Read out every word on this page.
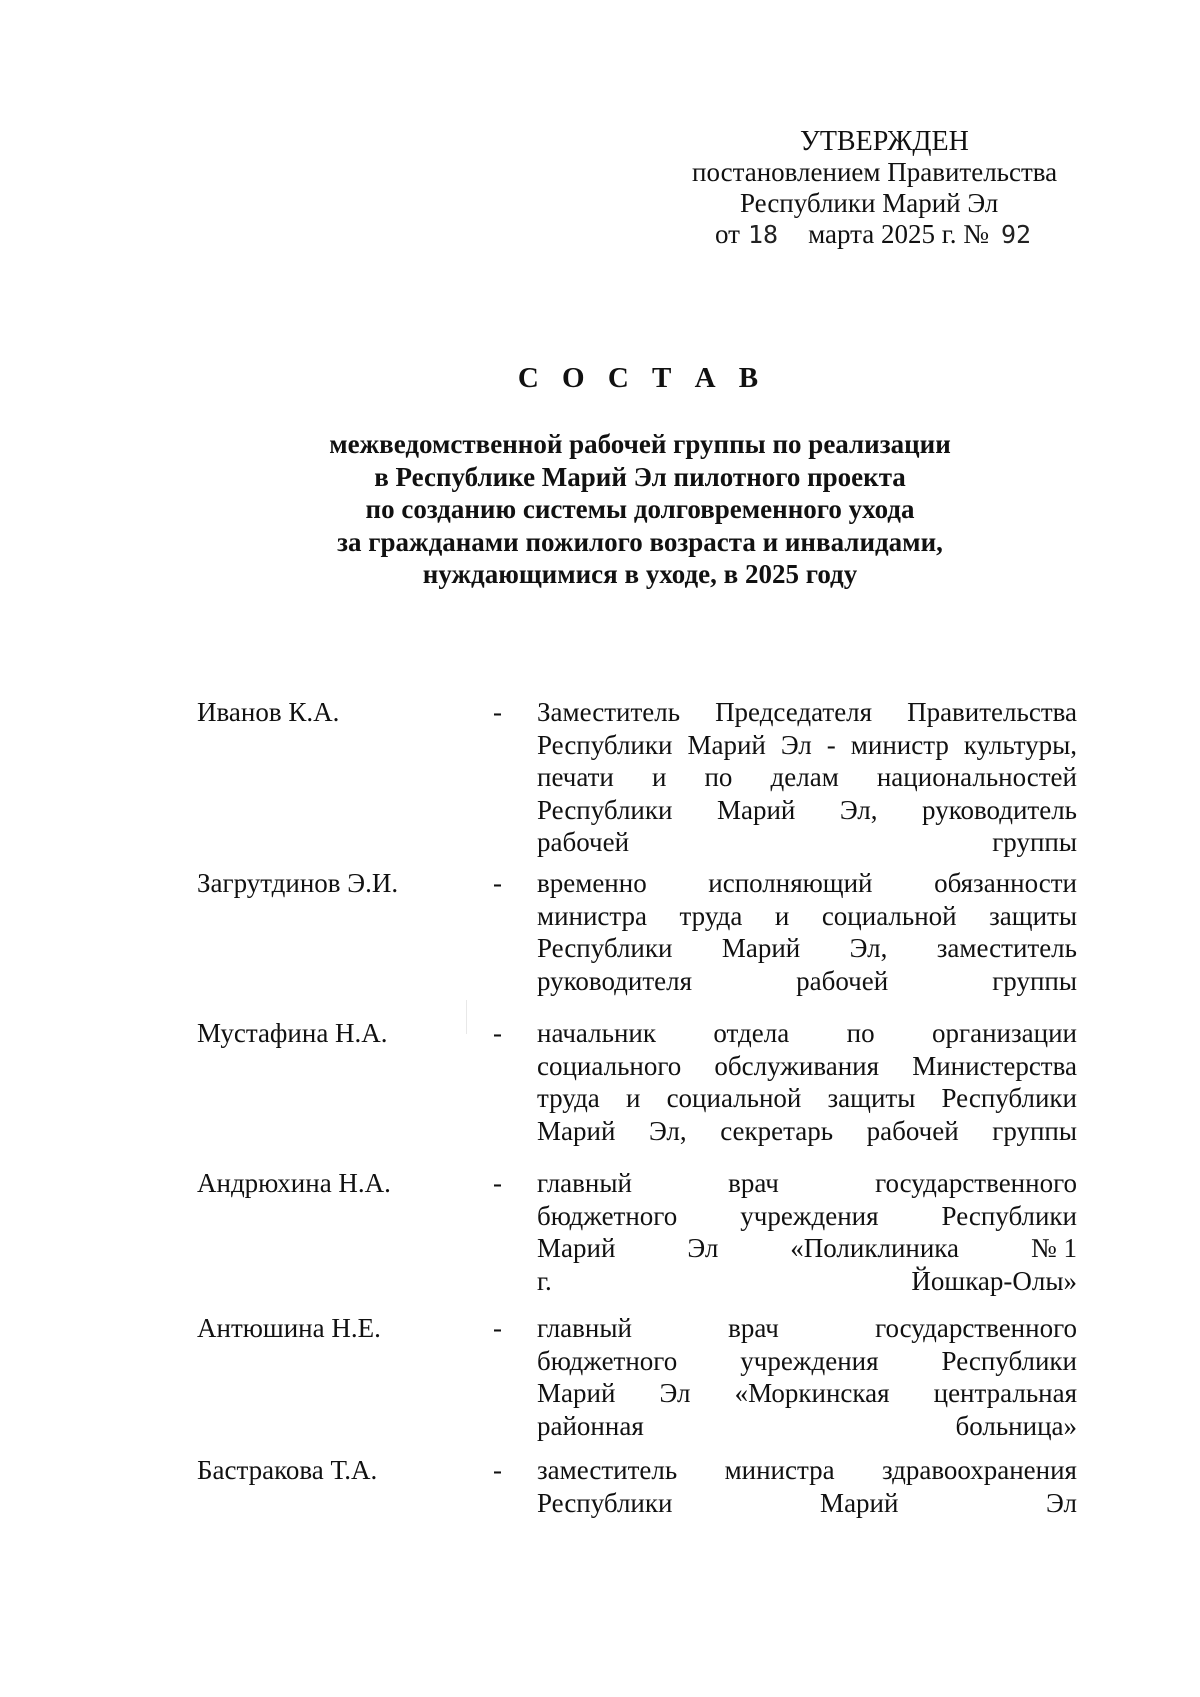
УТВЕРЖДЕН
постановлением Правительства
Республики Марий Эл
от 18 марта 2025 г. № 92
С О С Т А В
межведомственной рабочей группы по реализации
в Республике Марий Эл пилотного проекта
по созданию системы долговременного ухода
за гражданами пожилого возраста и инвалидами,
нуждающимися в уходе, в 2025 году
Иванов К.А.	- Заместитель Председателя Правительства
Республики Марий Эл - министр культуры,
печати и по делам национальностей
Республики Марий Эл, руководитель
рабочей группы
Загрутдинов Э.И.	- временно исполняющий обязанности
министра труда и социальной защиты
Республики Марий Эл, заместитель
руководителя рабочей группы
Мустафина Н.А.	- начальник отдела по организации
социального обслуживания Министерства
труда и социальной защиты Республики
Марий Эл, секретарь рабочей группы
Андрюхина Н.А.	- главный	врач	государственного
бюджетного учреждения Республики
Марий	Эл	«Поликлиника	№ 1
г. Йошкар-Олы»
Антюшина Н.Е.	- главный	врач	государственного
бюджетного учреждения Республики
Марий Эл «Моркинская центральная
районная больница»
Бастракова Т.А.	- заместитель министра здравоохранения
Республики Марий Эл
